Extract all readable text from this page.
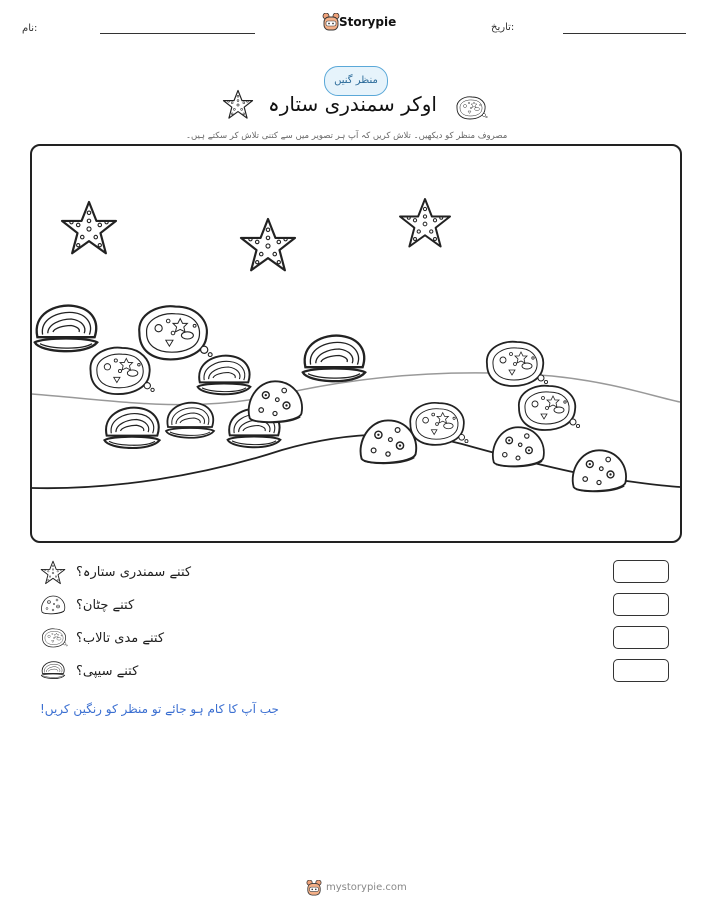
نام:	Storypie	تاریخ:
منظر گنیں
اوکر سمندری ستارہ
مصروف منظر کو دیکھیں۔ تلاش کریں کہ آپ ہر تصویر میں سے کتنی تلاش کر سکتے ہیں۔
کتنے سمندری ستارہ؟
کتنے چٹان؟
کتنے مدی تالاب؟
کتنے سیپی؟
جب آپ کا کام ہو جائے تو منظر کو رنگین کریں!
mystorypie.com
